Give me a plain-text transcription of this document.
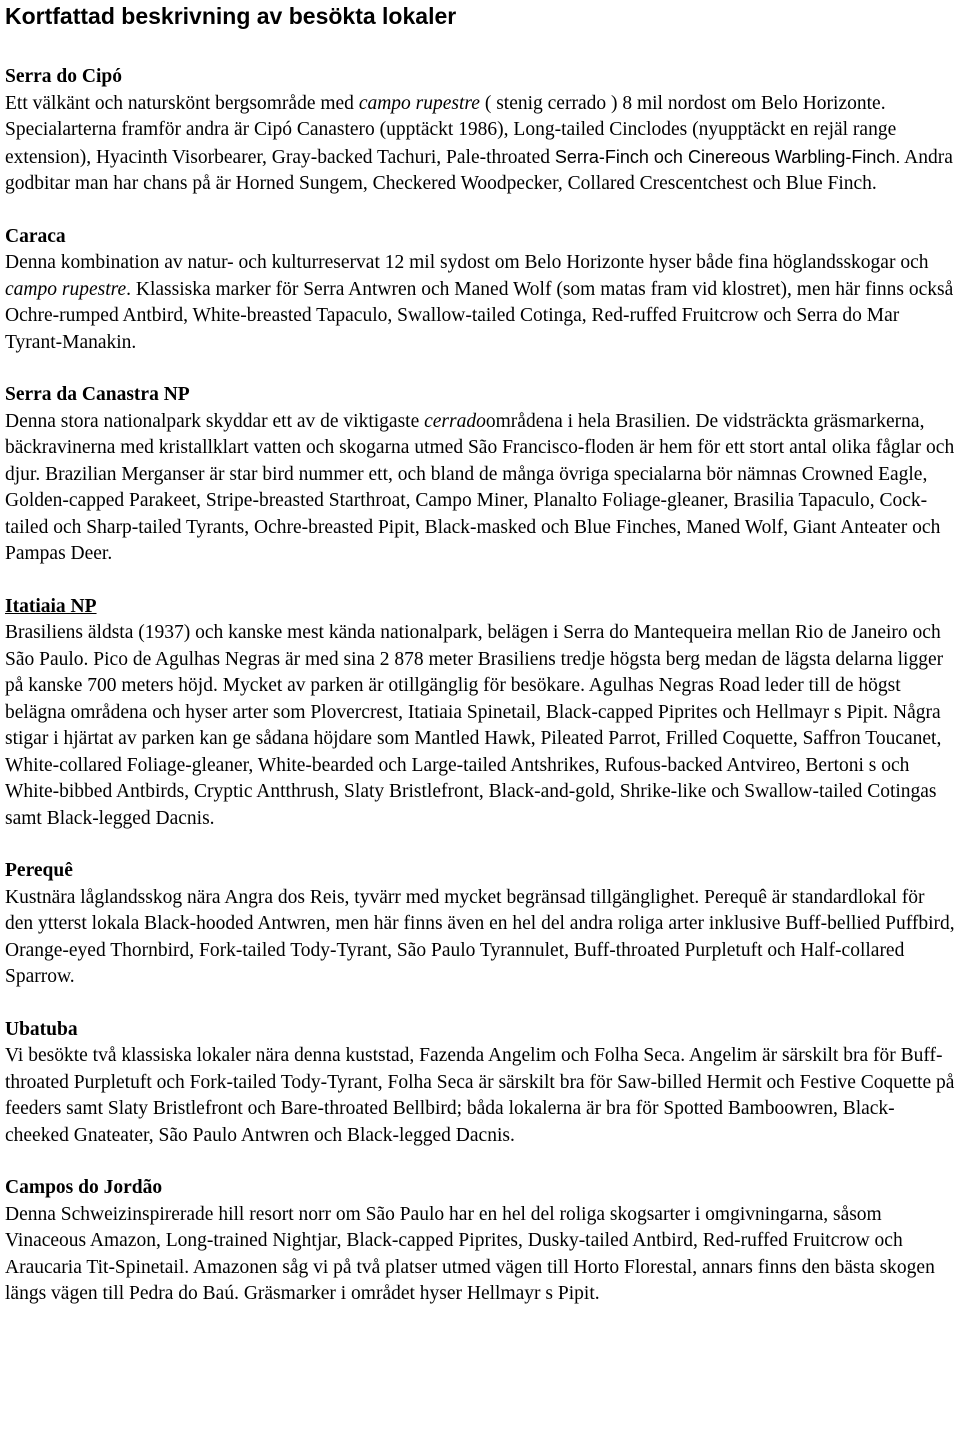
Kortfattad beskrivning av besökta lokaler
Serra do Cipó
Ett välkänt och naturskönt bergsområde med campo rupestre ( stenig cerrado ) 8 mil nordost om Belo Horizonte. Specialarterna framför andra är Cipó Canastero (upptäckt 1986), Long-tailed Cinclodes (nyupptäckt en rejäl range extension), Hyacinth Visorbearer, Gray-backed Tachuri, Pale-throated Serra-Finch och Cinereous Warbling-Finch. Andra godbitar man har chans på är Horned Sungem, Checkered Woodpecker, Collared Crescentchest och Blue Finch.
Caraca
Denna kombination av natur- och kulturreservat 12 mil sydost om Belo Horizonte hyser både fina höglandsskogar och campo rupestre. Klassiska marker för Serra Antwren och Maned Wolf (som matas fram vid klostret), men här finns också Ochre-rumped Antbird, White-breasted Tapaculo, Swallow-tailed Cotinga, Red-ruffed Fruitcrow och Serra do Mar Tyrant-Manakin.
Serra da Canastra NP
Denna stora nationalpark skyddar ett av de viktigaste cerradoområdena i hela Brasilien. De vidsträckta gräsmarkerna, bäckravinerna med kristallklart vatten och skogarna utmed São Francisco-floden är hem för ett stort antal olika fåglar och djur. Brazilian Merganser är star bird nummer ett, och bland de många övriga specialarna bör nämnas Crowned Eagle, Golden-capped Parakeet, Stripe-breasted Starthroat, Campo Miner, Planalto Foliage-gleaner, Brasilia Tapaculo, Cock-tailed och Sharp-tailed Tyrants, Ochre-breasted Pipit, Black-masked och Blue Finches, Maned Wolf, Giant Anteater och Pampas Deer.
Itatiaia NP
Brasiliens äldsta (1937) och kanske mest kända nationalpark, belägen i Serra do Mantequeira mellan Rio de Janeiro och São Paulo. Pico de Agulhas Negras är med sina 2 878 meter Brasiliens tredje högsta berg medan de lägsta delarna ligger på kanske 700 meters höjd. Mycket av parken är otillgänglig för besökare. Agulhas Negras Road leder till de högst belägna områdena och hyser arter som Plovercrest, Itatiaia Spinetail, Black-capped Piprites och Hellmayr s Pipit. Några stigar i hjärtat av parken kan ge sådana höjdare som Mantled Hawk, Pileated Parrot, Frilled Coquette, Saffron Toucanet, White-collared Foliage-gleaner, White-bearded och Large-tailed Antshrikes, Rufous-backed Antvireo, Bertoni s och White-bibbed Antbirds, Cryptic Antthrush, Slaty Bristlefront, Black-and-gold, Shrike-like och Swallow-tailed Cotingas samt Black-legged Dacnis.
Perequê
Kustnära låglandsskog nära Angra dos Reis, tyvärr med mycket begränsad tillgänglighet. Perequê är standardlokal för den ytterst lokala Black-hooded Antwren, men här finns även en hel del andra roliga arter inklusive Buff-bellied Puffbird, Orange-eyed Thornbird, Fork-tailed Tody-Tyrant, São Paulo Tyrannulet, Buff-throated Purpletuft och Half-collared Sparrow.
Ubatuba
Vi besökte två klassiska lokaler nära denna kuststad, Fazenda Angelim och Folha Seca. Angelim är särskilt bra för Buff-throated Purpletuft och Fork-tailed Tody-Tyrant, Folha Seca är särskilt bra för Saw-billed Hermit och Festive Coquette på feeders samt Slaty Bristlefront och Bare-throated Bellbird; båda lokalerna är bra för Spotted Bamboowren, Black-cheeked Gnateater, São Paulo Antwren och Black-legged Dacnis.
Campos do Jordão
Denna Schweizinspirerade hill resort norr om São Paulo har en hel del roliga skogsarter i omgivningarna, såsom Vinaceous Amazon, Long-trained Nightjar, Black-capped Piprites, Dusky-tailed Antbird, Red-ruffed Fruitcrow och Araucaria Tit-Spinetail. Amazonen såg vi på två platser utmed vägen till Horto Florestal, annars finns den bästa skogen längs vägen till Pedra do Baú. Gräsmarker i området hyser Hellmayr s Pipit.
